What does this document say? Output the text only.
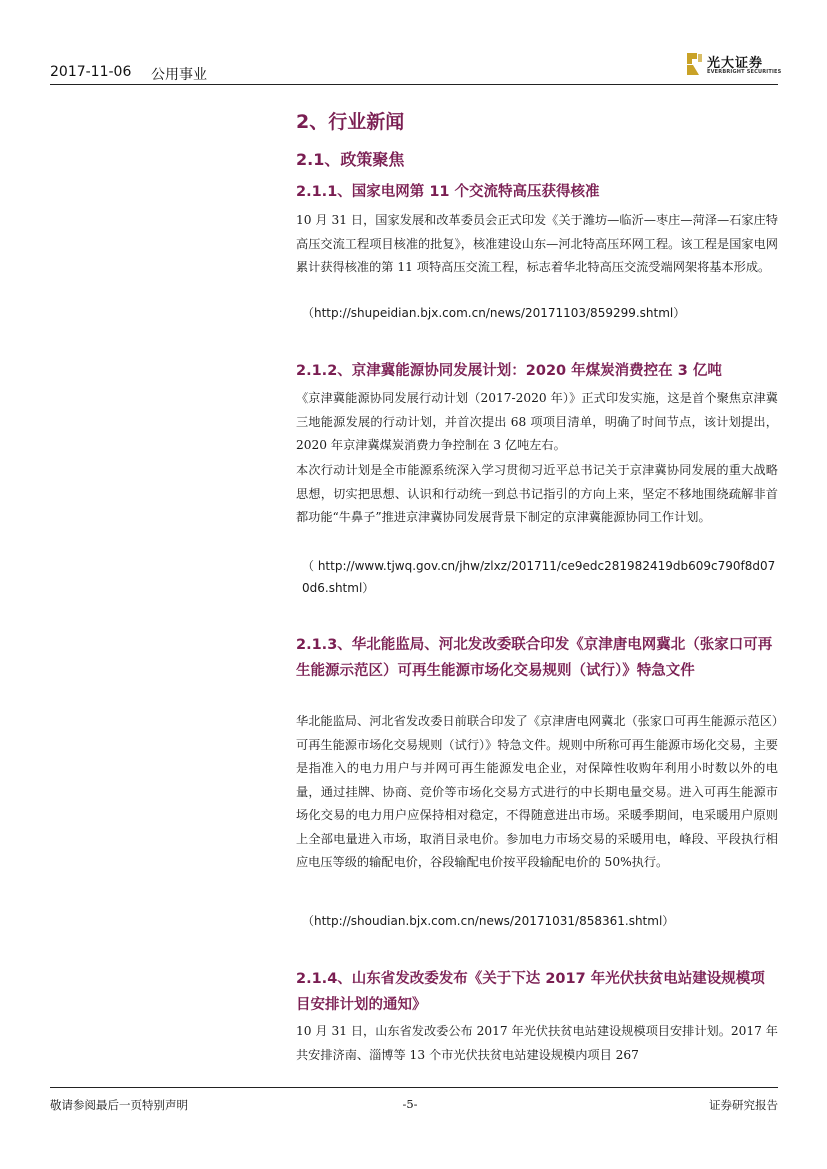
2017-11-06 公用事业
光大证券
EVERBRIGHT SECURITIES
2、行业新闻
2.1、政策聚焦
2.1.1、国家电网第 11 个交流特高压获得核准
10 月 31 日，国家发展和改革委员会正式印发《关于潍坊—临沂—枣庄—菏泽—石家庄特高压交流工程项目核准的批复》，核准建设山东—河北特高压环网工程。该工程是国家电网累计获得核准的第 11 项特高压交流工程，标志着华北特高压交流受端网架将基本形成。
（http://shupeidian.bjx.com.cn/news/20171103/859299.shtml）
2.1.2、京津冀能源协同发展计划：2020 年煤炭消费控在 3 亿吨
《京津冀能源协同发展行动计划（2017-2020 年）》正式印发实施，这是首个聚焦京津冀三地能源发展的行动计划，并首次提出 68 项项目清单，明确了时间节点，该计划提出，2020 年京津冀煤炭消费力争控制在 3 亿吨左右。
本次行动计划是全市能源系统深入学习贯彻习近平总书记关于京津冀协同发展的重大战略思想，切实把思想、认识和行动统一到总书记指引的方向上来，坚定不移地围绕疏解非首都功能“牛鼻子”推进京津冀协同发展背景下制定的京津冀能源协同工作计划。
（ http://www.tjwq.gov.cn/jhw/zlxz/201711/ce9edc281982419db609c790f8d070d6.shtml）
2.1.3、华北能监局、河北发改委联合印发《京津唐电网冀北（张家口可再生能源示范区）可再生能源市场化交易规则（试行）》特急文件
华北能监局、河北省发改委日前联合印发了《京津唐电网冀北（张家口可再生能源示范区）可再生能源市场化交易规则（试行）》特急文件。规则中所称可再生能源市场化交易，主要是指准入的电力用户与并网可再生能源发电企业，对保障性收购年利用小时数以外的电量，通过挂牌、协商、竞价等市场化交易方式进行的中长期电量交易。进入可再生能源市场化交易的电力用户应保持相对稳定，不得随意进出市场。采暖季期间，电采暖用户原则上全部电量进入市场，取消目录电价。参加电力市场交易的采暖用电，峰段、平段执行相应电压等级的输配电价，谷段输配电价按平段输配电价的 50%执行。
（http://shoudian.bjx.com.cn/news/20171031/858361.shtml）
2.1.4、山东省发改委发布《关于下达 2017 年光伏扶贫电站建设规模项目安排计划的通知》
10 月 31 日，山东省发改委公布 2017 年光伏扶贫电站建设规模项目安排计划。2017 年共安排济南、淄博等 13 个市光伏扶贫电站建设规模内项目 267
敬请参阅最后一页特别声明	-5-	证券研究报告
